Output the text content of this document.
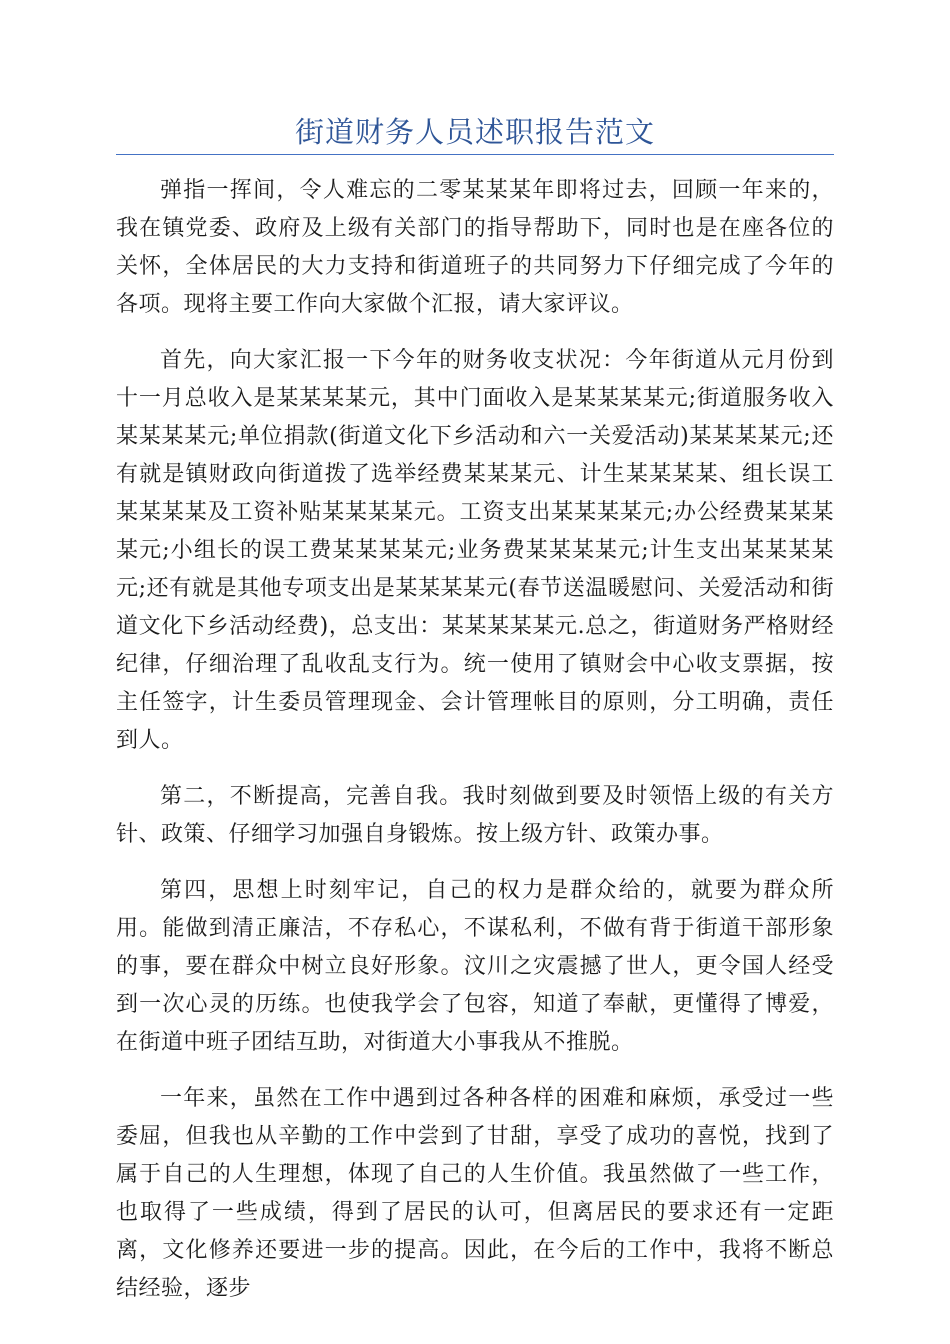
街道财务人员述职报告范文

弹指一挥间，令人难忘的二零某某某年即将过去，回顾一年来的，我在镇党委、政府及上级有关部门的指导帮助下，同时也是在座各位的关怀，全体居民的大力支持和街道班子的共同努力下仔细完成了今年的各项。现将主要工作向大家做个汇报，请大家评议。

首先，向大家汇报一下今年的财务收支状况：今年街道从元月份到十一月总收入是某某某某元，其中门面收入是某某某某元;街道服务收入某某某某元;单位捐款(街道文化下乡活动和六一关爱活动)某某某某元;还有就是镇财政向街道拨了选举经费某某某元、计生某某某某、组长误工某某某某及工资补贴某某某某元。工资支出某某某某元;办公经费某某某某元;小组长的误工费某某某某元;业务费某某某某元;计生支出某某某某元;还有就是其他专项支出是某某某某元(春节送温暖慰问、关爱活动和街道文化下乡活动经费)，总支出：某某某某某元.总之，街道财务严格财经纪律，仔细治理了乱收乱支行为。统一使用了镇财会中心收支票据，按主任签字，计生委员管理现金、会计管理帐目的原则，分工明确，责任到人。

第二，不断提高，完善自我。我时刻做到要及时领悟上级的有关方针、政策、仔细学习加强自身锻炼。按上级方针、政策办事。

第四，思想上时刻牢记，自己的权力是群众给的，就要为群众所用。能做到清正廉洁，不存私心，不谋私利，不做有背于街道干部形象的事，要在群众中树立良好形象。汶川之灾震撼了世人，更令国人经受到一次心灵的历练。也使我学会了包容，知道了奉献，更懂得了博爱，在街道中班子团结互助，对街道大小事我从不推脱。

一年来，虽然在工作中遇到过各种各样的困难和麻烦，承受过一些委屈，但我也从辛勤的工作中尝到了甘甜，享受了成功的喜悦，找到了属于自己的人生理想，体现了自己的人生价值。我虽然做了一些工作，也取得了一些成绩，得到了居民的认可，但离居民的要求还有一定距离，文化修养还要进一步的提高。因此，在今后的工作中，我将不断总结经验，逐步
